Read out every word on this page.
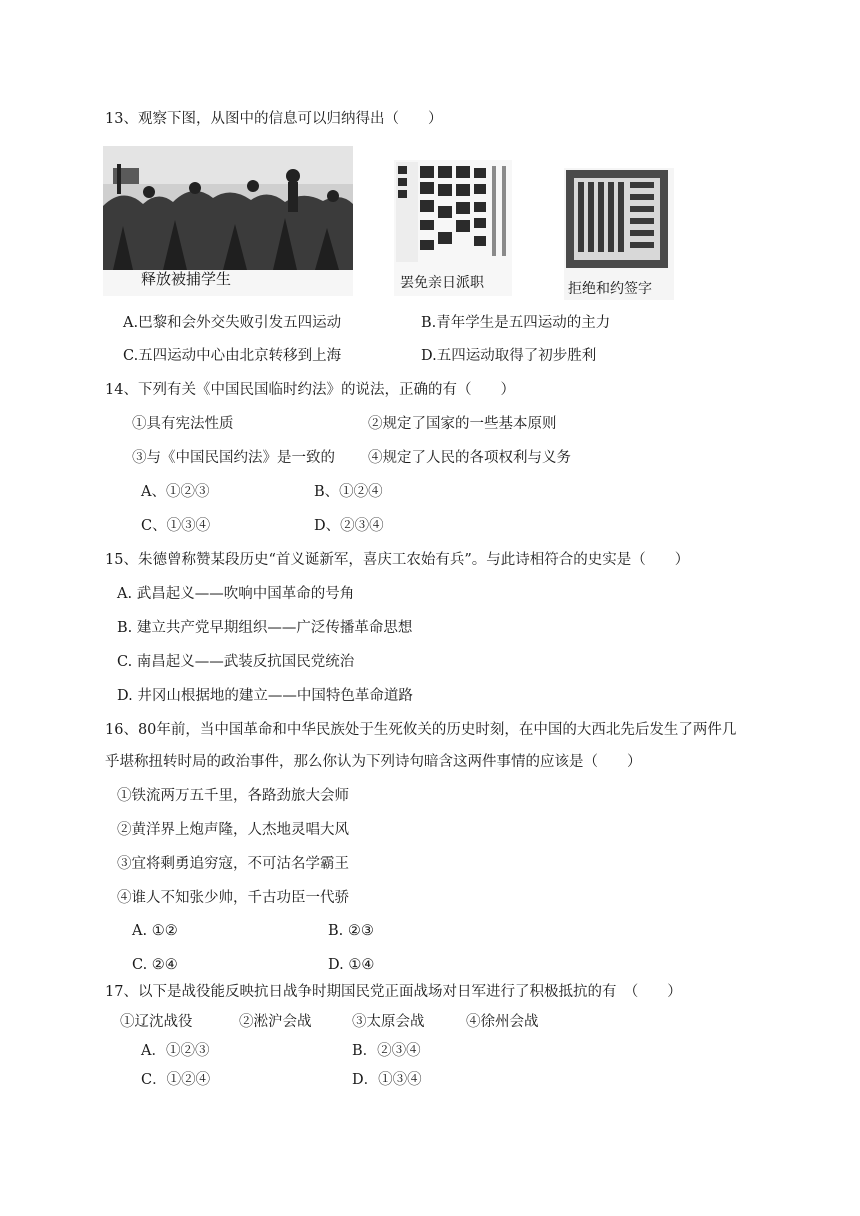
13、观察下图，从图中的信息可以归纳得出（　　）
释放被捕学生	罢免亲日派职	拒绝和约签字
A.巴黎和会外交失败引发五四运动	B.青年学生是五四运动的主力
C.五四运动中心由北京转移到上海	D.五四运动取得了初步胜利
14、下列有关《中国民国临时约法》的说法，正确的有（　　）
①具有宪法性质	②规定了国家的一些基本原则
③与《中国民国约法》是一致的 ④规定了人民的各项权利与义务
A、①②③	B、①②④
C、①③④	D、②③④
15、朱德曾称赞某段历史“首义诞新军，喜庆工农始有兵”。与此诗相符合的史实是（　　）
A. 武昌起义——吹响中国革命的号角
B. 建立共产党早期组织——广泛传播革命思想
C. 南昌起义——武装反抗国民党统治
D. 井冈山根据地的建立——中国特色革命道路
16、80年前，当中国革命和中华民族处于生死攸关的历史时刻，在中国的大西北先后发生了两件几
乎堪称扭转时局的政治事件，那么你认为下列诗句暗含这两件事情的应该是（　　）
①铁流两万五千里，各路劲旅大会师
②黄洋界上炮声隆，人杰地灵唱大风
③宜将剩勇追穷寇，不可沽名学霸王
④谁人不知张少帅，千古功臣一代骄
A. ①②	B. ②③
C. ②④	D. ①④
17、以下是战役能反映抗日战争时期国民党正面战场对日军进行了积极抵抗的有　（　　）
①辽沈战役	②淞沪会战	③太原会战	④徐州会战
A．①②③	B．②③④
C．①②④	D．①③④
